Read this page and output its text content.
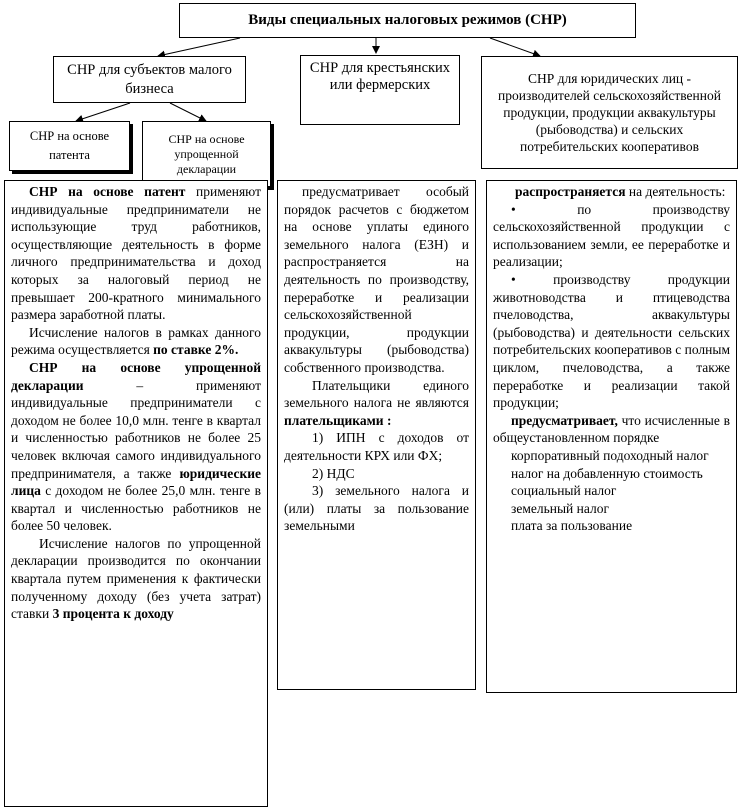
Виды специальных налоговых режимов (СНР)
СНР для субъектов малого бизнеса
СНР для крестьянских или фермерских	СНР для юридических лиц - производителей сельскохозяйственной продукции, продукции аквакультуры (рыбоводства) и сельских потребительских кооперативов
СНР на основе патента
СНР на основе упрощенной декларации

СНР на основе патент применяют индивидуальные предприниматели не использующие труд работников, осуществляющие деятельность в форме личного предпринимательства и доход которых за налоговый период не превышает 200-кратного минимального размера заработной платы.

Исчисление налогов в рамках данного режима осуществляется по ставке 2%.

СНР на основе упрощенной декларации – применяют индивидуальные предприниматели с доходом не более 10,0 млн. тенге в квартал и численностью работников не более 25 человек включая самого индивидуального предпринимателя, а также юридические лица с доходом не более 25,0 млн. тенге в квартал и численностью работников не более 50 человек.

Исчисление налогов по упрощенной декларации производится по окончании квартала путем применения к фактически полученному доходу (без учета затрат) ставки 3 процента к доходу

предусматривает особый порядок расчетов с бюджетом на основе уплаты единого земельного налога (ЕЗН) и распространяется на деятельность по производству, переработке и реализации сельскохозяйственной продукции, продукции аквакультуры (рыбоводства) собственного производства.

Плательщики единого земельного налога не являются плательщиками :

1) ИПН с доходов от деятельности КРХ или ФХ;

2) НДС

3) земельного налога и (или) платы за пользование земельными

распространяется на деятельность:

• по производству сельскохозяйственной продукции с использованием земли, ее переработке и реализации;

• производству продукции животноводства и птицеводства пчеловодства, аквакультуры (рыбоводства) и деятельности сельских потребительских кооперативов с полным циклом, пчеловодства, а также переработке и реализации такой продукции;

предусматривает, что исчисленные в общеустановленном порядке

корпоративный подоходный налог

налог на добавленную стоимость

социальный налог

земельный налог

плата за пользование
